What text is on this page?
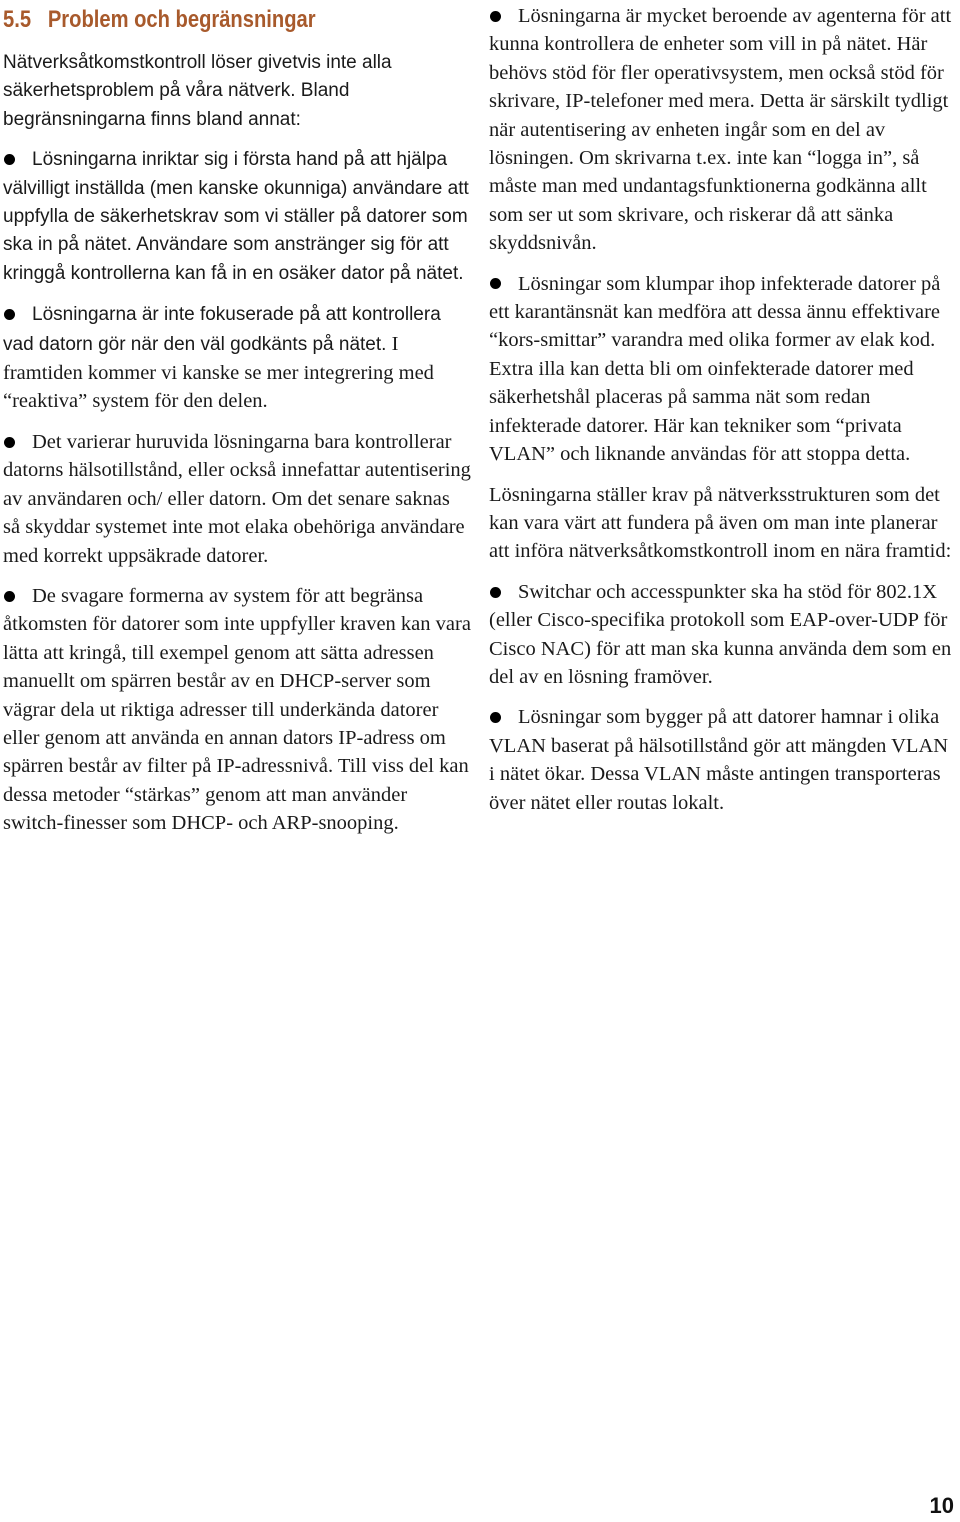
5.5 Problem och begränsningar

Nätverksåtkomstkontroll löser givetvis inte alla säkerhetsproblem på våra nätverk. Bland begränsningarna finns bland annat:

Lösningarna inriktar sig i första hand på att hjälpa välvilligt inställda (men kanske okunniga) användare att uppfylla de säkerhetskrav som vi ställer på datorer som ska in på nätet. Användare som anstränger sig för att kringgå kontrollerna kan få in en osäker dator på nätet.

Lösningarna är inte fokuserade på att kontrollera vad datorn gör när den väl godkänts på nätet. I framtiden kommer vi kanske se mer integrering med “reaktiva” system för den delen.

Det varierar huruvida lösningarna bara kontrollerar datorns hälsotillstånd, eller också innefattar autentisering av användaren och/ eller datorn. Om det senare saknas så skyddar systemet inte mot elaka obehöriga användare med korrekt uppsäkrade datorer.

De svagare formerna av system för att begränsa åtkomsten för datorer som inte uppfyller kraven kan vara lätta att kringå, till exempel genom att sätta adressen manuellt om spärren består av en DHCP-server som vägrar dela ut riktiga adresser till underkända datorer eller genom att använda en annan dators IP-adress om spärren består av filter på IP-adressnivå. Till viss del kan dessa metoder “stärkas” genom att man använder switch-finesser som DHCP- och ARP-snooping.

Lösningarna är mycket beroende av agenterna för att kunna kontrollera de enheter som vill in på nätet. Här behövs stöd för fler operativsystem, men också stöd för skrivare, IP-telefoner med mera. Detta är särskilt tydligt när autentisering av enheten ingår som en del av lösningen. Om skrivarna t.ex. inte kan “logga in”, så måste man med undantagsfunktionerna godkänna allt som ser ut som skrivare, och riskerar då att sänka skyddsnivån.

Lösningar som klumpar ihop infekterade datorer på ett karantänsnät kan medföra att dessa ännu effektivare “kors-smittar” varandra med olika former av elak kod. Extra illa kan detta bli om oinfekterade datorer med säkerhetshål placeras på samma nät som redan infekterade datorer. Här kan tekniker som “privata VLAN” och liknande användas för att stoppa detta.

Lösningarna ställer krav på nätverksstrukturen som det kan vara värt att fundera på även om man inte planerar att införa nätverksåtkomstkontroll inom en nära framtid:

Switchar och accesspunkter ska ha stöd för 802.1X (eller Cisco-specifika protokoll som EAP-over-UDP för Cisco NAC) för att man ska kunna använda dem som en del av en lösning framöver.

Lösningar som bygger på att datorer hamnar i olika VLAN baserat på hälsotillstånd gör att mängden VLAN i nätet ökar. Dessa VLAN måste antingen transporteras över nätet eller routas lokalt.

10
